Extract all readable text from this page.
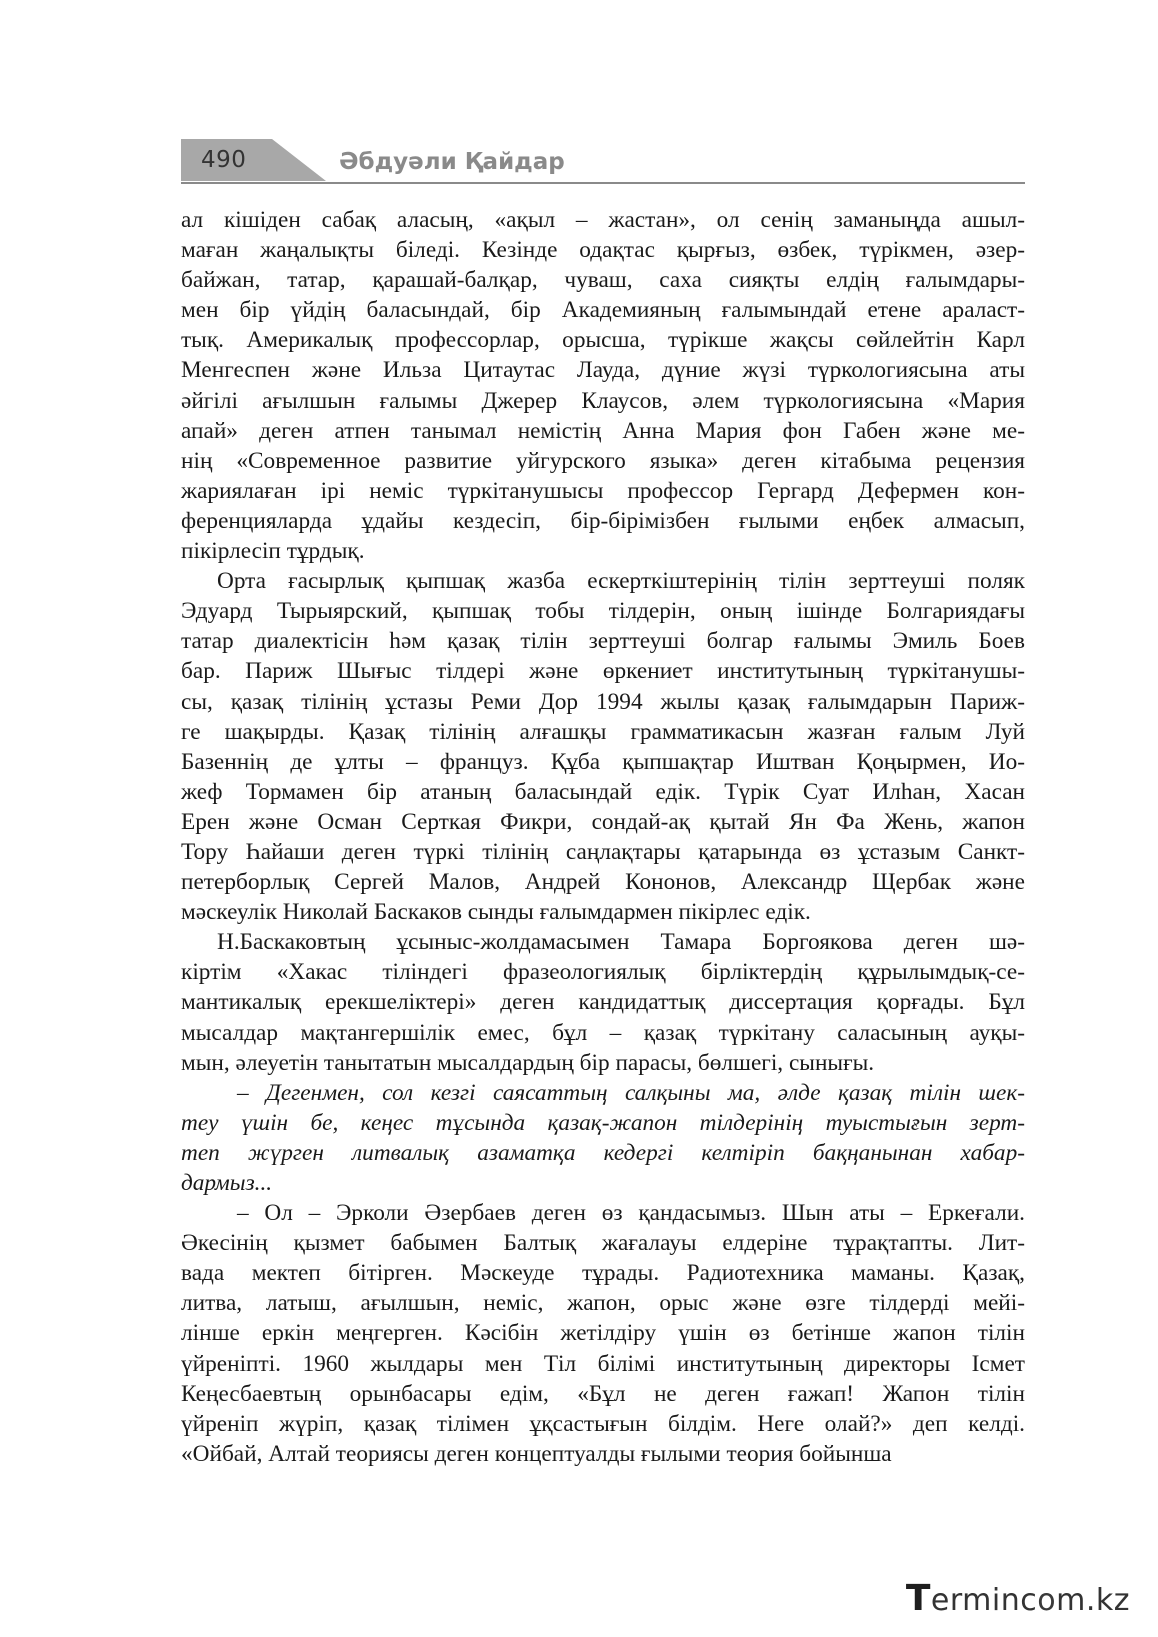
490	Әбдуәли Қайдар

ал кішіден сабақ аласың, «ақыл – жастан», ол сенің заманыңда ашыл-

маған жаңалықты біледі. Кезінде одақтас қырғыз, өзбек, түрікмен, әзер-

байжан, татар, қарашай-балқар, чуваш, саха сияқты елдің ғалымдары-

мен бір үйдің баласындай, бір Академияның ғалымындай етене араласт-

тық. Америкалық профессорлар, орысша, түрікше жақсы сөйлейтін Карл

Менгеспен және Ильза Цитаутас Лауда, дүние жүзі түркологиясына аты

әйгілі ағылшын ғалымы Джерер Клаусов, әлем түркологиясына «Мария

апай» деген атпен танымал немістің Анна Мария фон Габен және ме-

нің «Современное развитие уйгурского языка» деген кітабыма рецензия

жариялаған ірі неміс түркітанушысы профессор Гергард Дефермен кон-

ференцияларда ұдайы кездесіп, бір-бірімізбен ғылыми еңбек алмасып,

пікірлесіп тұрдық.

Орта ғасырлық қыпшақ жазба ескерткіштерінің тілін зерттеуші поляк

Эдуард Тырыярский, қыпшақ тобы тілдерін, оның ішінде Болгариядағы

татар диалектісін һәм қазақ тілін зерттеуші болгар ғалымы Эмиль Боев

бар. Париж Шығыс тілдері және өркениет институтының түркітанушы-

сы, қазақ тілінің ұстазы Реми Дор 1994 жылы қазақ ғалымдарын Париж-

ге шақырды. Қазақ тілінің алғашқы грамматикасын жазған ғалым Луй

Базеннің де ұлты – француз. Құба қыпшақтар Иштван Қоңырмен, Ио-

жеф Тормамен бір атаның баласындай едік. Түрік Суат Илһан, Хасан

Ерен және Осман Серткая Фикри, сондай-ақ қытай Ян Фа Жень, жапон

Тору Һайаши деген түркі тілінің саңлақтары қатарында өз ұстазым Санкт-

петерборлық Сергей Малов, Андрей Кононов, Александр Щербак және

мәскеулік Николай Баскаков сынды ғалымдармен пікірлес едік.

Н.Баскаковтың ұсыныс-жолдамасымен Тамара Боргоякова деген шә-

кіртім «Хакас тіліндегі фразеологиялық бірліктердің құрылымдық-се-

мантикалық ерекшеліктері» деген кандидаттық диссертация қорғады. Бұл

мысалдар мақтангершілік емес, бұл – қазақ түркітану саласының ауқы-

мын, әлеуетін танытатын мысалдардың бір парасы, бөлшегі, сынығы.

– Дегенмен, сол кезгі саясаттың салқыны ма, әлде қазақ тілін шек-

теу үшін бе, кеңес тұсында қазақ-жапон тілдерінің туыстығын зерт-

теп жүрген литвалық азаматқа кедергі келтіріп бақңанынан хабар-

дармыз...

– Ол – Эрколи Әзербаев деген өз қандасымыз. Шын аты – Еркеғали.

Әкесінің қызмет бабымен Балтық жағалауы елдеріне тұрақтапты. Лит-

вада мектеп бітірген. Мәскеуде тұрады. Радиотехника маманы. Қазақ,

литва, латыш, ағылшын, неміс, жапон, орыс және өзге тілдерді мейі-

лінше еркін меңгерген. Кәсібін жетілдіру үшін өз бетінше жапон тілін

үйреніпті. 1960 жылдары мен Тіл білімі институтының директоры Ісмет

Кеңесбаевтың орынбасары едім, «Бұл не деген ғажап! Жапон тілін

үйреніп жүріп, қазақ тілімен ұқсастығын білдім. Неге олай?» деп келді.

«Ойбай, Алтай теориясы деген концептуалды ғылыми теория бойынша

Termincom.kz
